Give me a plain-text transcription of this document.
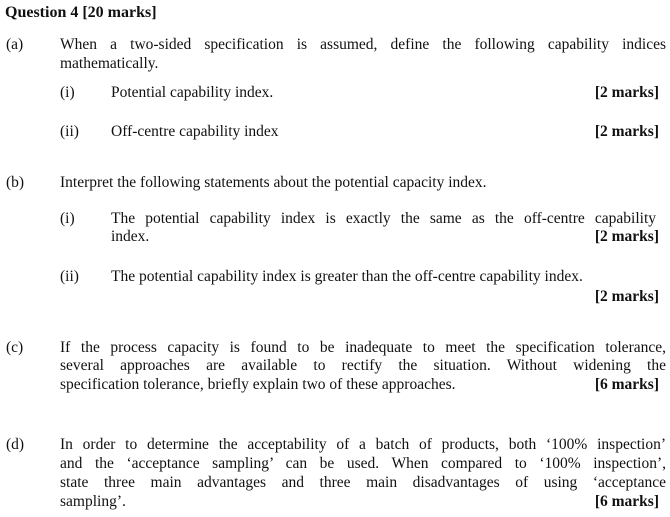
Question 4 [20 marks]
(a) When a two-sided specification is assumed, define the following capability indices
mathematically.
(i) Potential capability index.	[2 marks]
(ii) Off-centre capability index	[2 marks]
(b) Interpret the following statements about the potential capacity index.
(i) The potential capability index is exactly the same as the off-centre capability
index.	[2 marks]
(ii) The potential capability index is greater than the off-centre capability index.
[2 marks]
(c) If the process capacity is found to be inadequate to meet the specification tolerance,
several approaches are available to rectify the situation. Without widening the
specification tolerance, briefly explain two of these approaches.	[6 marks]
(d) In order to determine the acceptability of a batch of products, both ‘100% inspection’
and the ‘acceptance sampling’ can be used. When compared to ‘100% inspection’,
state three main advantages and three main disadvantages of using ‘acceptance
sampling’.	[6 marks]
